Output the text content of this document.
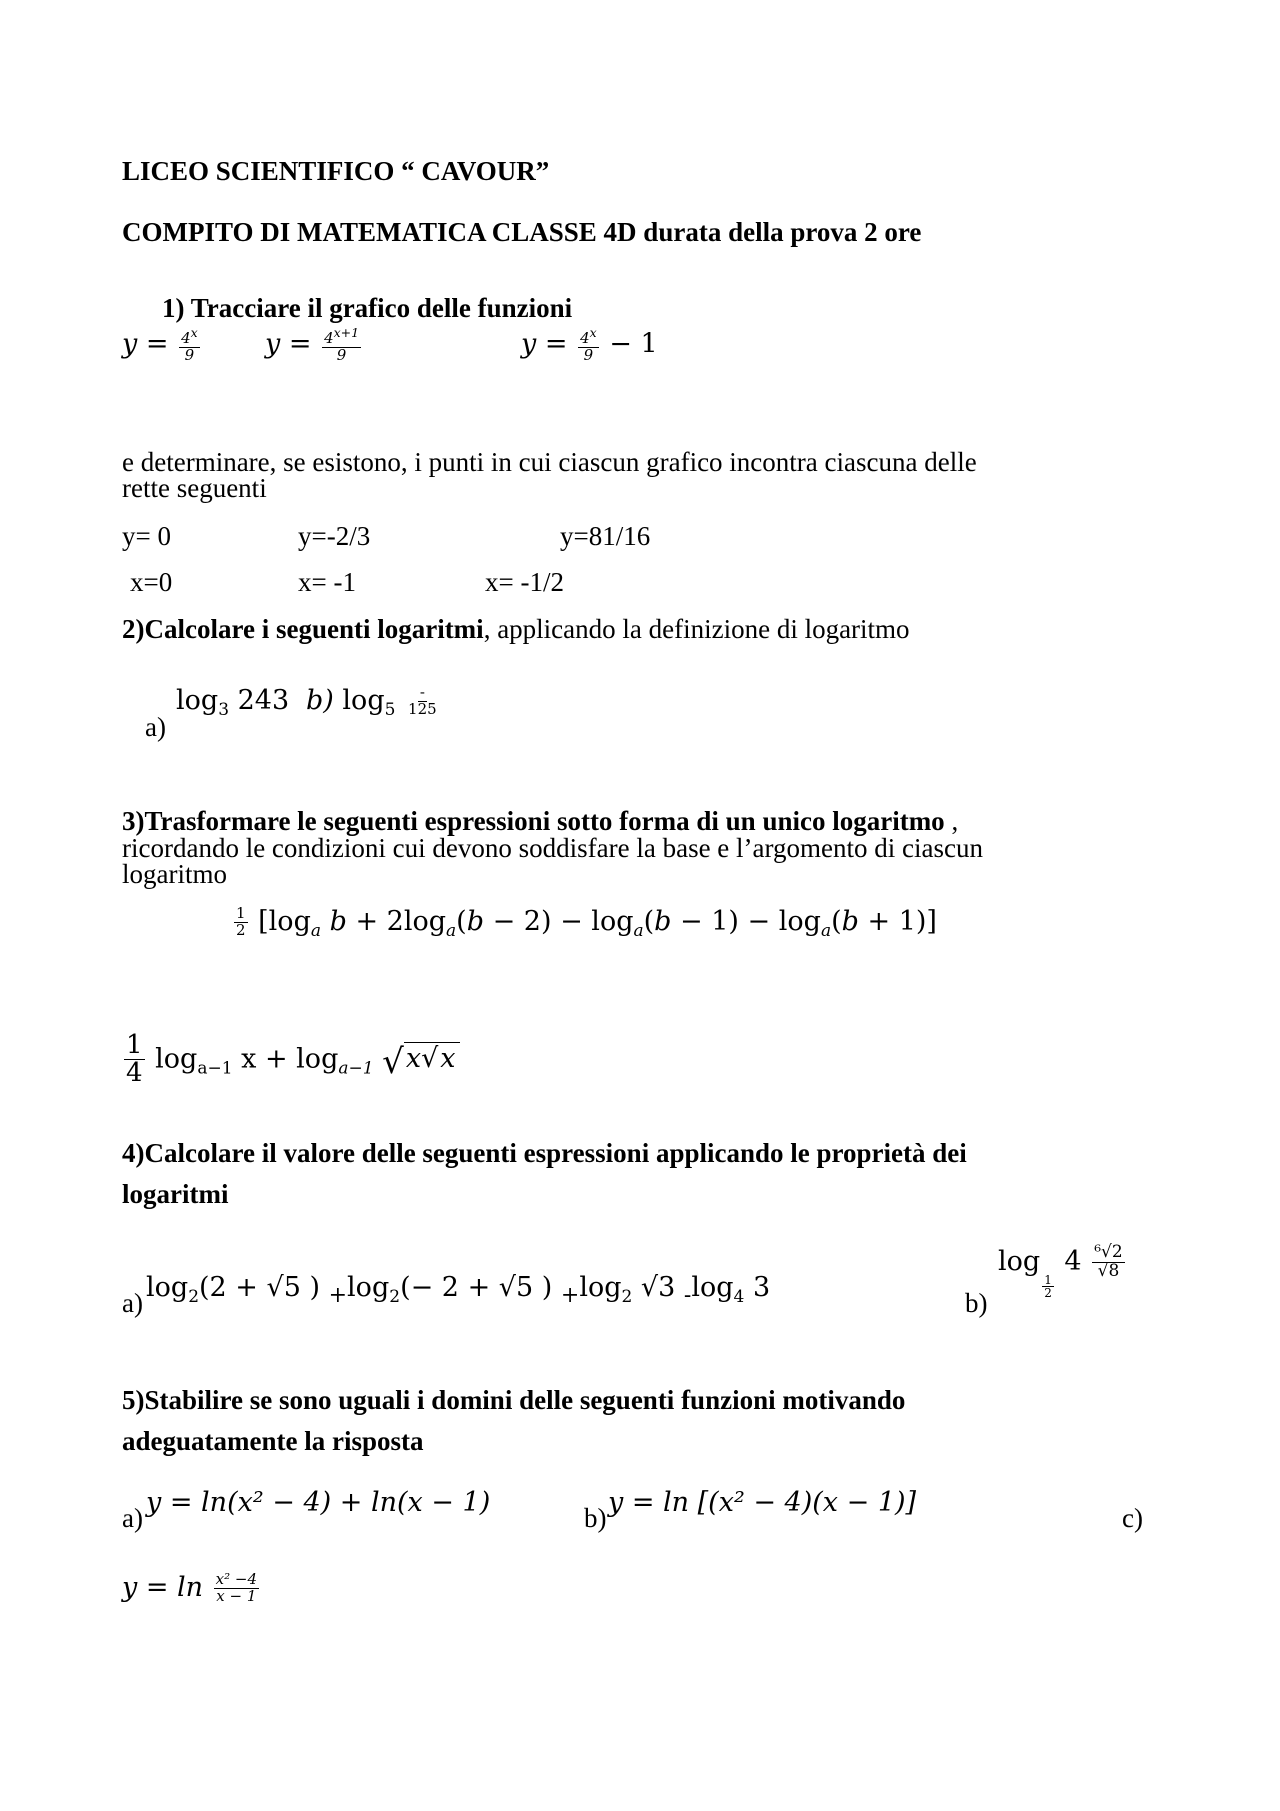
LICEO SCIENTIFICO “ CAVOUR”
COMPITO DI MATEMATICA CLASSE 4D durata della prova 2 ore
1) Tracciare il grafico delle funzioni
$y = \frac{4^x}{9}$ $y = \frac{4^{x+1}}{9}$	$y = \frac{4^x}{9} - 1$
e determinare, se esistono, i punti in cui ciascun grafico incontra ciascuna delle
rette seguenti
y= 0	y=-2/3	y=81/16
x=0	x= -1	x= -1/2
2)Calcolare i seguenti logaritmi, applicando la definizione di logaritmo
a)
$\log_3 243$ b) $\log_5 \frac{-}{125}$
3)Trasformare le seguenti espressioni sotto forma di un unico logaritmo ,
ricordando le condizioni cui devono soddisfare la base e l’argomento di ciascun
logaritmo
$\frac{1}{2} [\log_a$ $b + 2\log_a(b - 2) - \log_a(b - 1) - \log_a(b + 1)$]
$\frac{1}{4} \log_{a-1} x + \log_{a-1} √x√x$
4)Calcolare il valore delle seguenti espressioni applicando le proprietà dei
logaritmi
a) $\log_2(2 + √5$ ) $_+\log_2(- 2 + √5$ ) $_+\log_2$ √3 $_-\log_4$ 3	b)
log
$\frac{1}{2}$
$4 \frac{\text{⁶√2}}{√8}$
5)Stabilire se sono uguali i domini delle seguenti funzioni motivando
adeguatamente la risposta
a) y = ln(x² − 4) + ln(x − 1)	b) y = ln [(x² − 4)(x − 1)]	c)
$y = \ln \frac{\text{x² −4}}{x - 1}$
